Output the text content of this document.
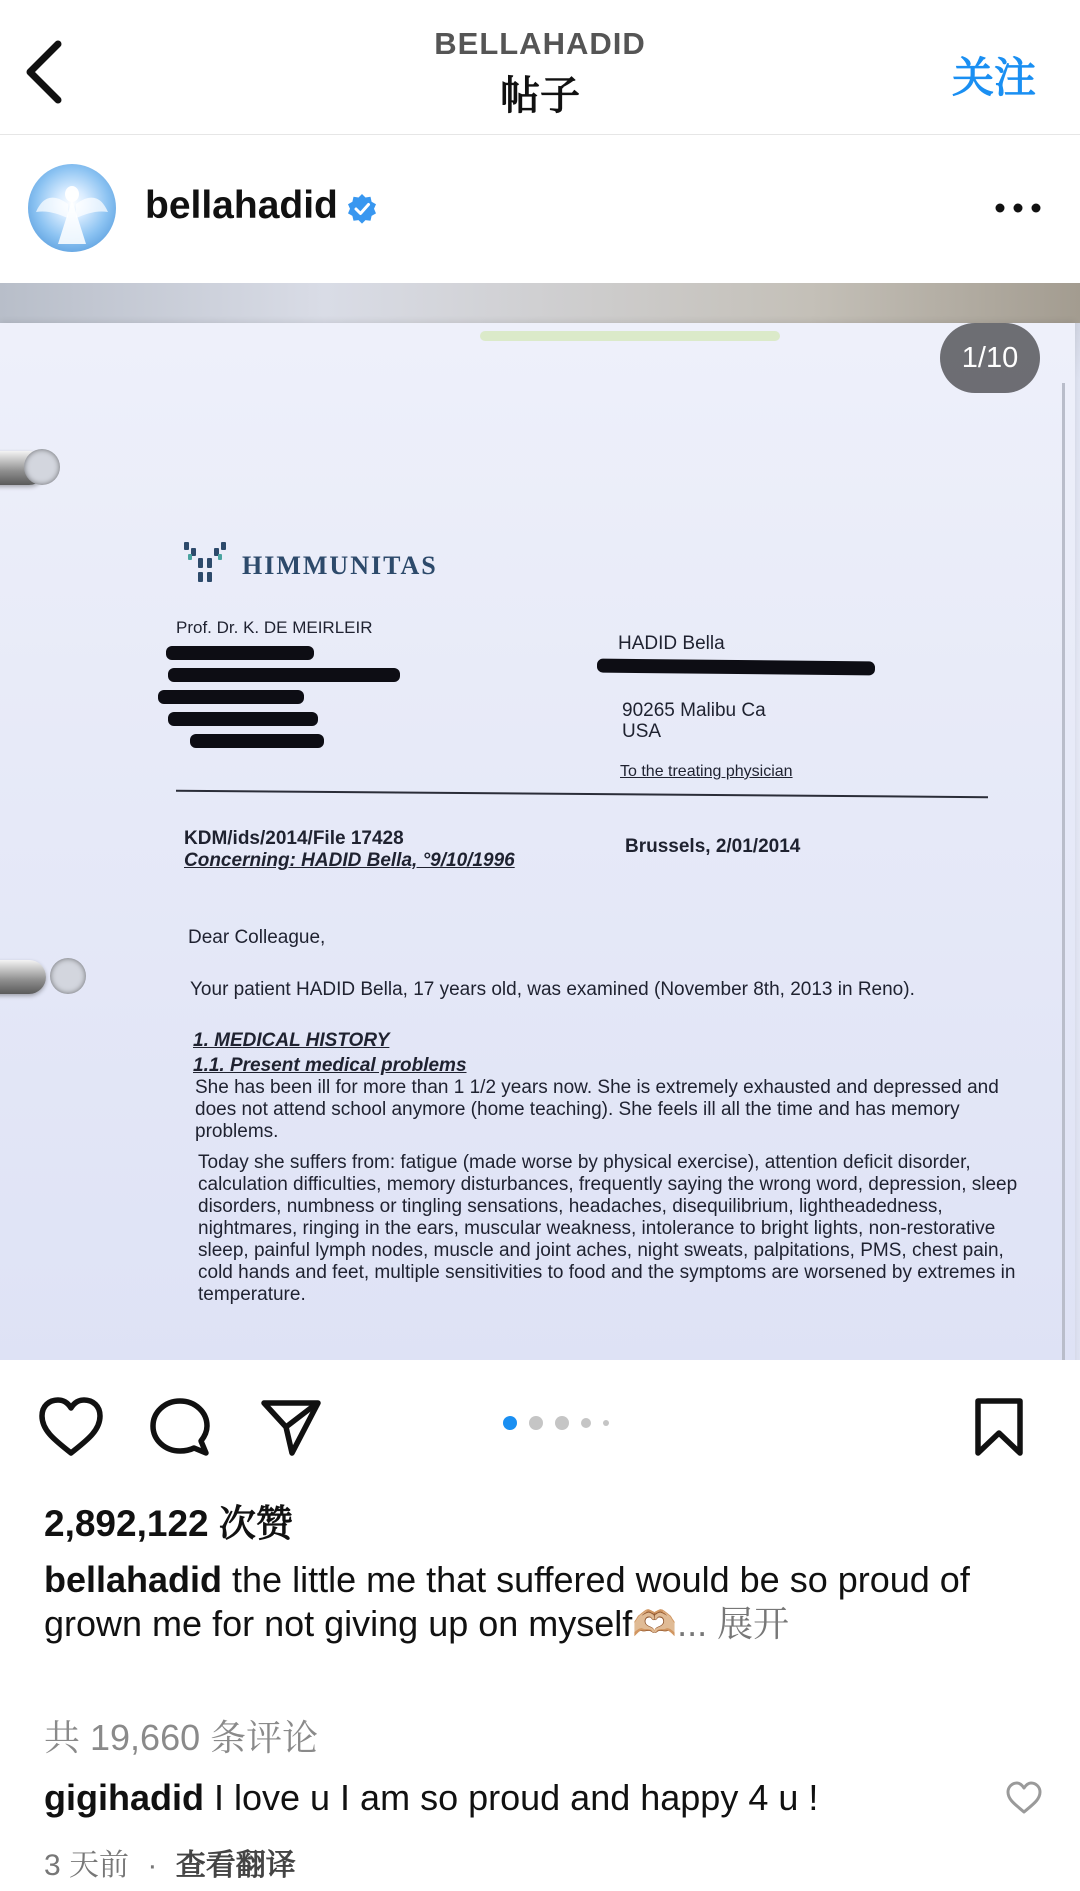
BELLAHADID
帖子	关注
bellahadid
HIMMUNITAS
Prof. Dr. K. DE MEIRLEIR
HADID Bella
90265 Malibu Ca
USA
To the treating physician
KDM/ids/2014/File 17428
Concerning: HADID Bella, °9/10/1996
Brussels, 2/01/2014
Dear Colleague,
Your patient HADID Bella, 17 years old, was examined (November 8th, 2013 in Reno).
1. MEDICAL HISTORY
1.1. Present medical problems
She has been ill for more than 1 1/2 years now. She is extremely exhausted and depressed and does not attend school anymore (home teaching). She feels ill all the time and has memory problems.
Today she suffers from: fatigue (made worse by physical exercise), attention deficit disorder, calculation difficulties, memory disturbances, frequently saying the wrong word, depression, sleep disorders, numbness or tingling sensations, headaches, disequilibrium, lightheadedness, nightmares, ringing in the ears, muscular weakness, intolerance to bright lights, non-restorative sleep, painful lymph nodes, muscle and joint aches, night sweats, palpitations, PMS, chest pain, cold hands and feet, multiple sensitivities to food and the symptoms are worsened by extremes in temperature.
1/10
2,892,122 次赞
bellahadid the little me that suffered would be so proud of grown me for not giving up on myself🫶🏼... 展开
共 19,660 条评论
gigihadid I love u I am so proud and happy 4 u !
3 天前 · 查看翻译
